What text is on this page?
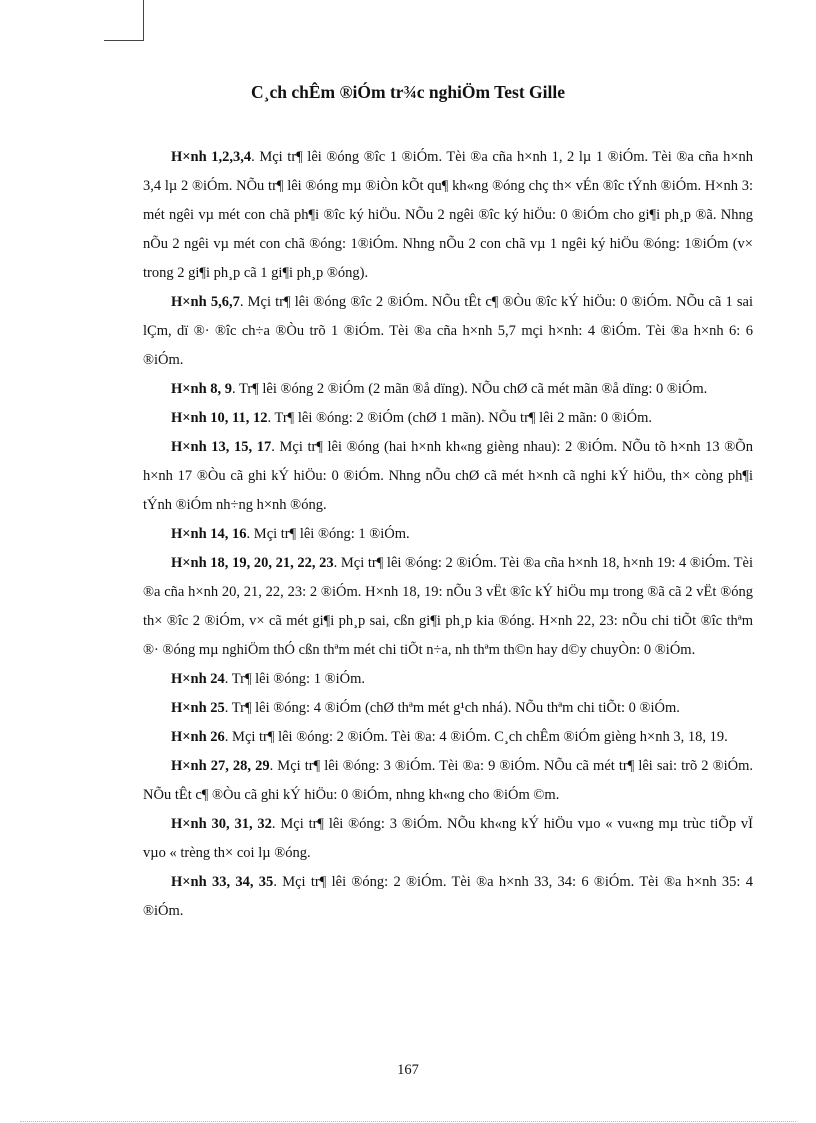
C¸ch chÊm ®iÓm tr¾c nghiÖm Test Gille

H×nh 1,2,3,4. Mçi tr¶ lêi ®óng ®îc 1 ®iÓm. Tèi ®a cña h×nh 1, 2 lµ 1 ®iÓm. Tèi ®a cña h×nh 3,4 lµ 2 ®iÓm. NÕu tr¶ lêi ®óng mµ ®iÒn kÕt qu¶ kh«ng ®óng chç th× vÉn ®îc tÝnh ®iÓm. H×nh 3: mét ngêi vµ mét con chã ph¶i ®îc ký hiÖu. NÕu 2 ngêi ®îc ký hiÖu: 0 ®iÓm cho gi¶i ph¸p ®ã. Nhng nÕu 2 ngêi vµ mét con chã ®óng: 1®iÓm. Nhng nÕu 2 con chã vµ 1 ngêi ký hiÖu ®óng: 1®iÓm (v× trong 2 gi¶i ph¸p cã 1 gi¶i ph¸p ®óng).

H×nh 5,6,7. Mçi tr¶ lêi ®óng ®îc 2 ®iÓm. NÕu tÊt c¶ ®Òu ®îc kÝ hiÖu: 0 ®iÓm. NÕu cã 1 sai lÇm, dï ®· ®îc ch÷a ®Òu trõ 1 ®iÓm. Tèi ®a cña h×nh 5,7 mçi h×nh: 4 ®iÓm. Tèi ®a h×nh 6: 6 ®iÓm.

H×nh 8, 9. Tr¶ lêi ®óng 2 ®iÓm (2 mãn ®å dïng). NÕu chØ cã mét mãn ®å dïng: 0 ®iÓm.

H×nh 10, 11, 12. Tr¶ lêi ®óng: 2 ®iÓm (chØ 1 mãn). NÕu tr¶ lêi 2 mãn: 0 ®iÓm.

H×nh 13, 15, 17. Mçi tr¶ lêi ®óng (hai h×nh kh«ng gièng nhau): 2 ®iÓm. NÕu tõ h×nh 13 ®Õn h×nh 17 ®Òu cã ghi kÝ hiÖu: 0 ®iÓm. Nhng nÕu chØ cã mét h×nh cã nghi kÝ hiÖu, th× còng ph¶i tÝnh ®iÓm nh÷ng h×nh ®óng.

H×nh 14, 16. Mçi tr¶ lêi ®óng: 1 ®iÓm.

H×nh 18, 19, 20, 21, 22, 23. Mçi tr¶ lêi ®óng: 2 ®iÓm. Tèi ®a cña h×nh 18, h×nh 19: 4 ®iÓm. Tèi ®a cña h×nh 20, 21, 22, 23: 2 ®iÓm. H×nh 18, 19: nÕu 3 vËt ®îc kÝ hiÖu mµ trong ®ã cã 2 vËt ®óng th× ®îc 2 ®iÓm, v× cã mét gi¶i ph¸p sai, cßn gi¶i ph¸p kia ®óng. H×nh 22, 23: nÕu chi tiÕt ®îc thªm ®· ®óng mµ nghiÖm thÓ cßn thªm mét chi tiÕt n÷a, nh thªm th©n hay d©y chuyÒn: 0 ®iÓm.

H×nh 24. Tr¶ lêi ®óng: 1 ®iÓm.

H×nh 25. Tr¶ lêi ®óng: 4 ®iÓm (chØ thªm mét g¹ch nhá). NÕu thªm chi tiÕt: 0 ®iÓm.

H×nh 26. Mçi tr¶ lêi ®óng: 2 ®iÓm. Tèi ®a: 4 ®iÓm. C¸ch chÊm ®iÓm gièng h×nh 3, 18, 19.

H×nh 27, 28, 29. Mçi tr¶ lêi ®óng: 3 ®iÓm. Tèi ®a: 9 ®iÓm. NÕu cã mét tr¶ lêi sai: trõ 2 ®iÓm. NÕu tÊt c¶ ®Òu cã ghi kÝ hiÖu: 0 ®iÓm, nhng kh«ng cho ®iÓm ©m.

H×nh 30, 31, 32. Mçi tr¶ lêi ®óng: 3 ®iÓm. NÕu kh«ng kÝ hiÖu vµo « vu«ng mµ trùc tiÕp vÏ vµo « trèng th× coi lµ ®óng.

H×nh 33, 34, 35. Mçi tr¶ lêi ®óng: 2 ®iÓm. Tèi ®a h×nh 33, 34: 6 ®iÓm. Tèi ®a h×nh 35: 4 ®iÓm.

167
